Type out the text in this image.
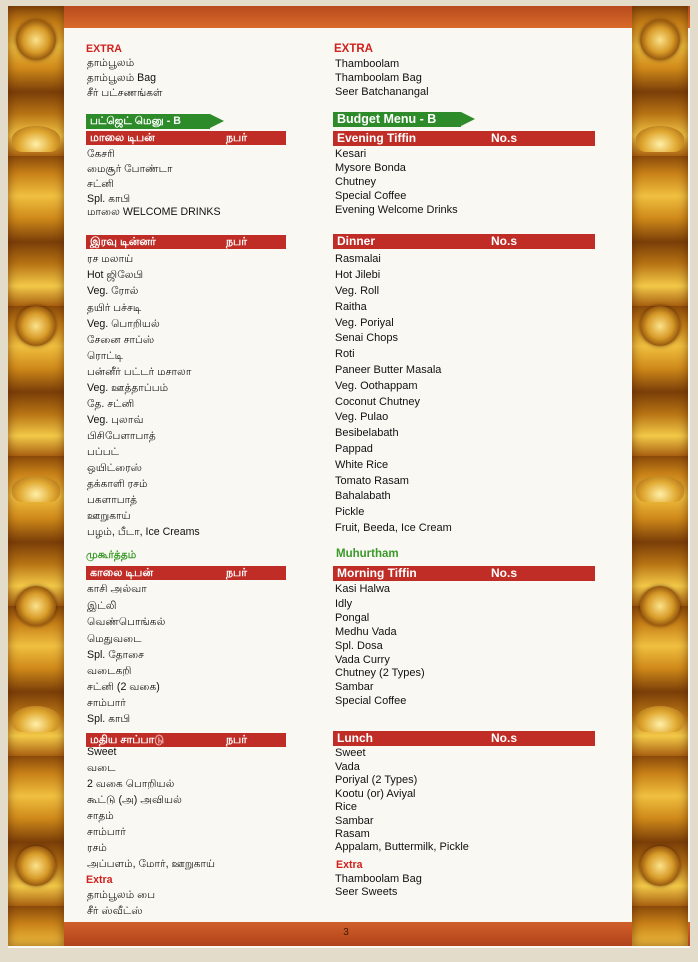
EXTRA
தாம்பூலம்
தாம்பூலம் Bag
சீர் பட்சணங்கள்
பட்ஜெட் மெனு - B
மாலை டிபன்	நபர்
கேசரி
மைசூர் போண்டா
சட்னி
Spl. காபி
மாலை WELCOME DRINKS
இரவு டின்னர்	நபர்
ரச மலாய்
Hot ஜிலேபி
Veg. ரோல்
தயிர் பச்சடி
Veg. பொறியல்
சேனை சாப்ஸ்
ரொட்டி
பன்னீர் பட்டர் மசாலா
Veg. ஊத்தாப்பம்
தே. சட்னி
Veg. புலாவ்
பிசிபேளாபாத்
பப்பட்
ஒயிட்ரைஸ்
தக்காளி ரசம்
பகளாபாத்
ஊறுகாய்
பழம், பீடா, Ice Creams
முகூர்த்தம்
காலை டிபன்	நபர்
காசி அல்வா
இட்லி
வெண்பொங்கல்
மெதுவடை
Spl. தோசை
வடைகறி
சட்னி (2 வகை)
சாம்பார்
Spl. காபி
மதிய சாப்பாடு	நபர்
Sweet
வடை
2 வகை பொறியல்
கூட்டு (அ) அவியல்
சாதம்
சாம்பார்
ரசம்
அப்பளம், மோர், ஊறுகாய்
Extra
தாம்பூலம் பை
சீர் ஸ்வீட்ஸ்
EXTRA
Thamboolam
Thamboolam Bag
Seer Batchanangal
Budget Menu - B
Evening Tiffin	No.s
Kesari
Mysore Bonda
Chutney
Special Coffee
Evening Welcome Drinks
Dinner	No.s
Rasmalai
Hot Jilebi
Veg. Roll
Raitha
Veg. Poriyal
Senai Chops
Roti
Paneer Butter Masala
Veg. Oothappam
Coconut Chutney
Veg. Pulao
Besibelabath
Pappad
White Rice
Tomato Rasam
Bahalabath
Pickle
Fruit, Beeda, Ice Cream
Muhurtham
Morning Tiffin	No.s
Kasi Halwa
Idly
Pongal
Medhu Vada
Spl. Dosa
Vada Curry
Chutney (2 Types)
Sambar
Special Coffee
Lunch	No.s
Sweet
Vada
Poriyal (2 Types)
Kootu (or) Aviyal
Rice
Sambar
Rasam
Appalam, Buttermilk, Pickle
Extra
Thamboolam Bag
Seer Sweets
3
